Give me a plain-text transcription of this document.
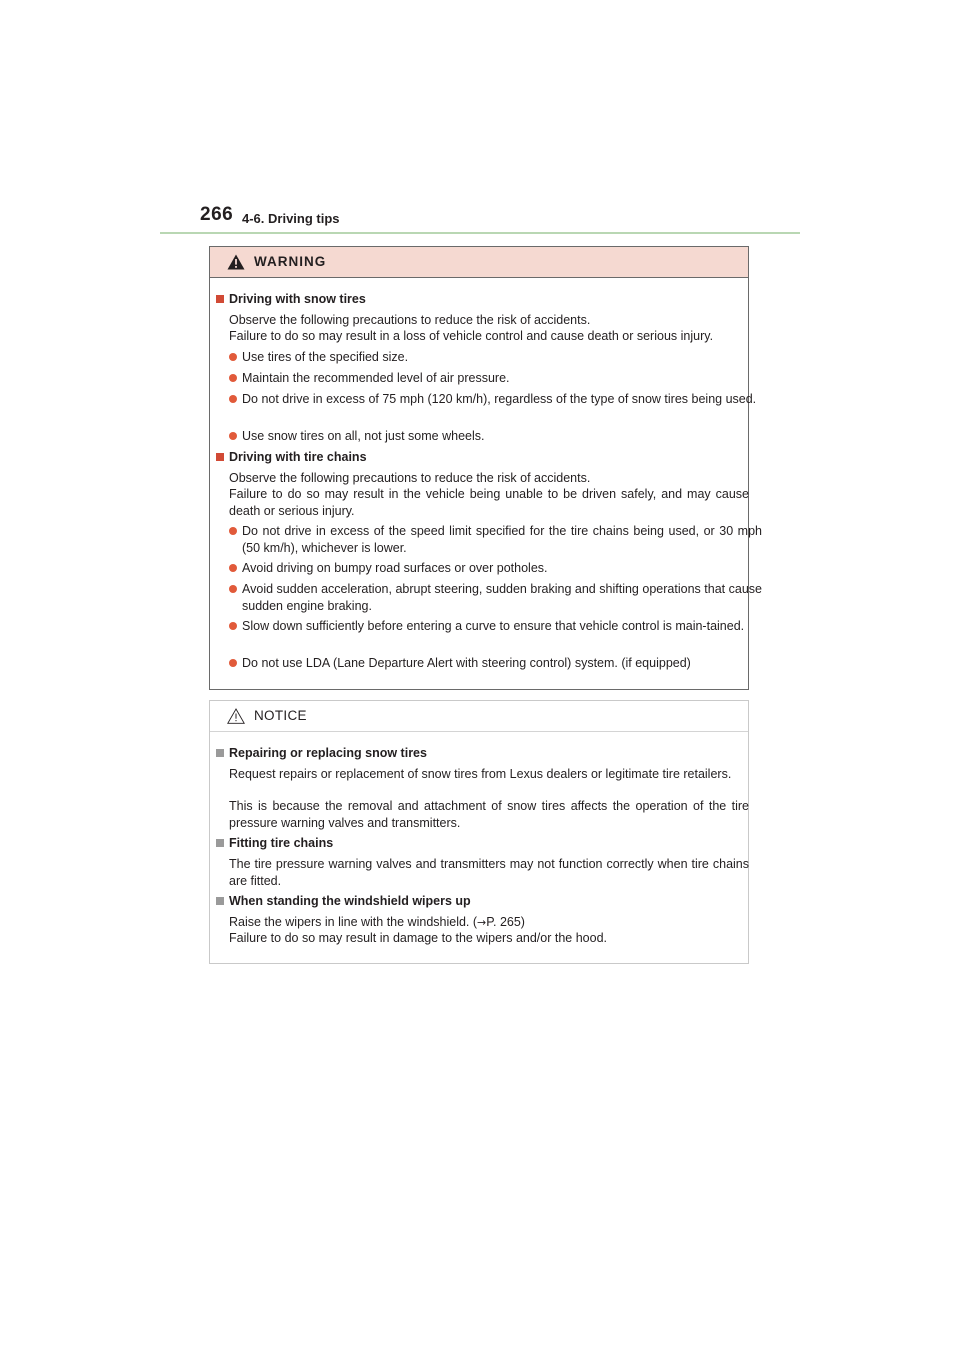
266 4-6. Driving tips
WARNING
Driving with snow tires
Observe the following precautions to reduce the risk of accidents.
Failure to do so may result in a loss of vehicle control and cause death or serious injury.
Use tires of the specified size.
Maintain the recommended level of air pressure.
Do not drive in excess of 75 mph (120 km/h), regardless of the type of snow tires being used.
Use snow tires on all, not just some wheels.
Driving with tire chains
Observe the following precautions to reduce the risk of accidents.
Failure to do so may result in the vehicle being unable to be driven safely, and may cause death or serious injury.
Do not drive in excess of the speed limit specified for the tire chains being used, or 30 mph (50 km/h), whichever is lower.
Avoid driving on bumpy road surfaces or over potholes.
Avoid sudden acceleration, abrupt steering, sudden braking and shifting operations that cause sudden engine braking.
Slow down sufficiently before entering a curve to ensure that vehicle control is main-tained.
Do not use LDA (Lane Departure Alert with steering control) system. (if equipped)
NOTICE
Repairing or replacing snow tires
Request repairs or replacement of snow tires from Lexus dealers or legitimate tire retailers.
This is because the removal and attachment of snow tires affects the operation of the tire pressure warning valves and transmitters.
Fitting tire chains
The tire pressure warning valves and transmitters may not function correctly when tire chains are fitted.
When standing the windshield wipers up
Raise the wipers in line with the windshield. (→P. 265)
Failure to do so may result in damage to the wipers and/or the hood.
